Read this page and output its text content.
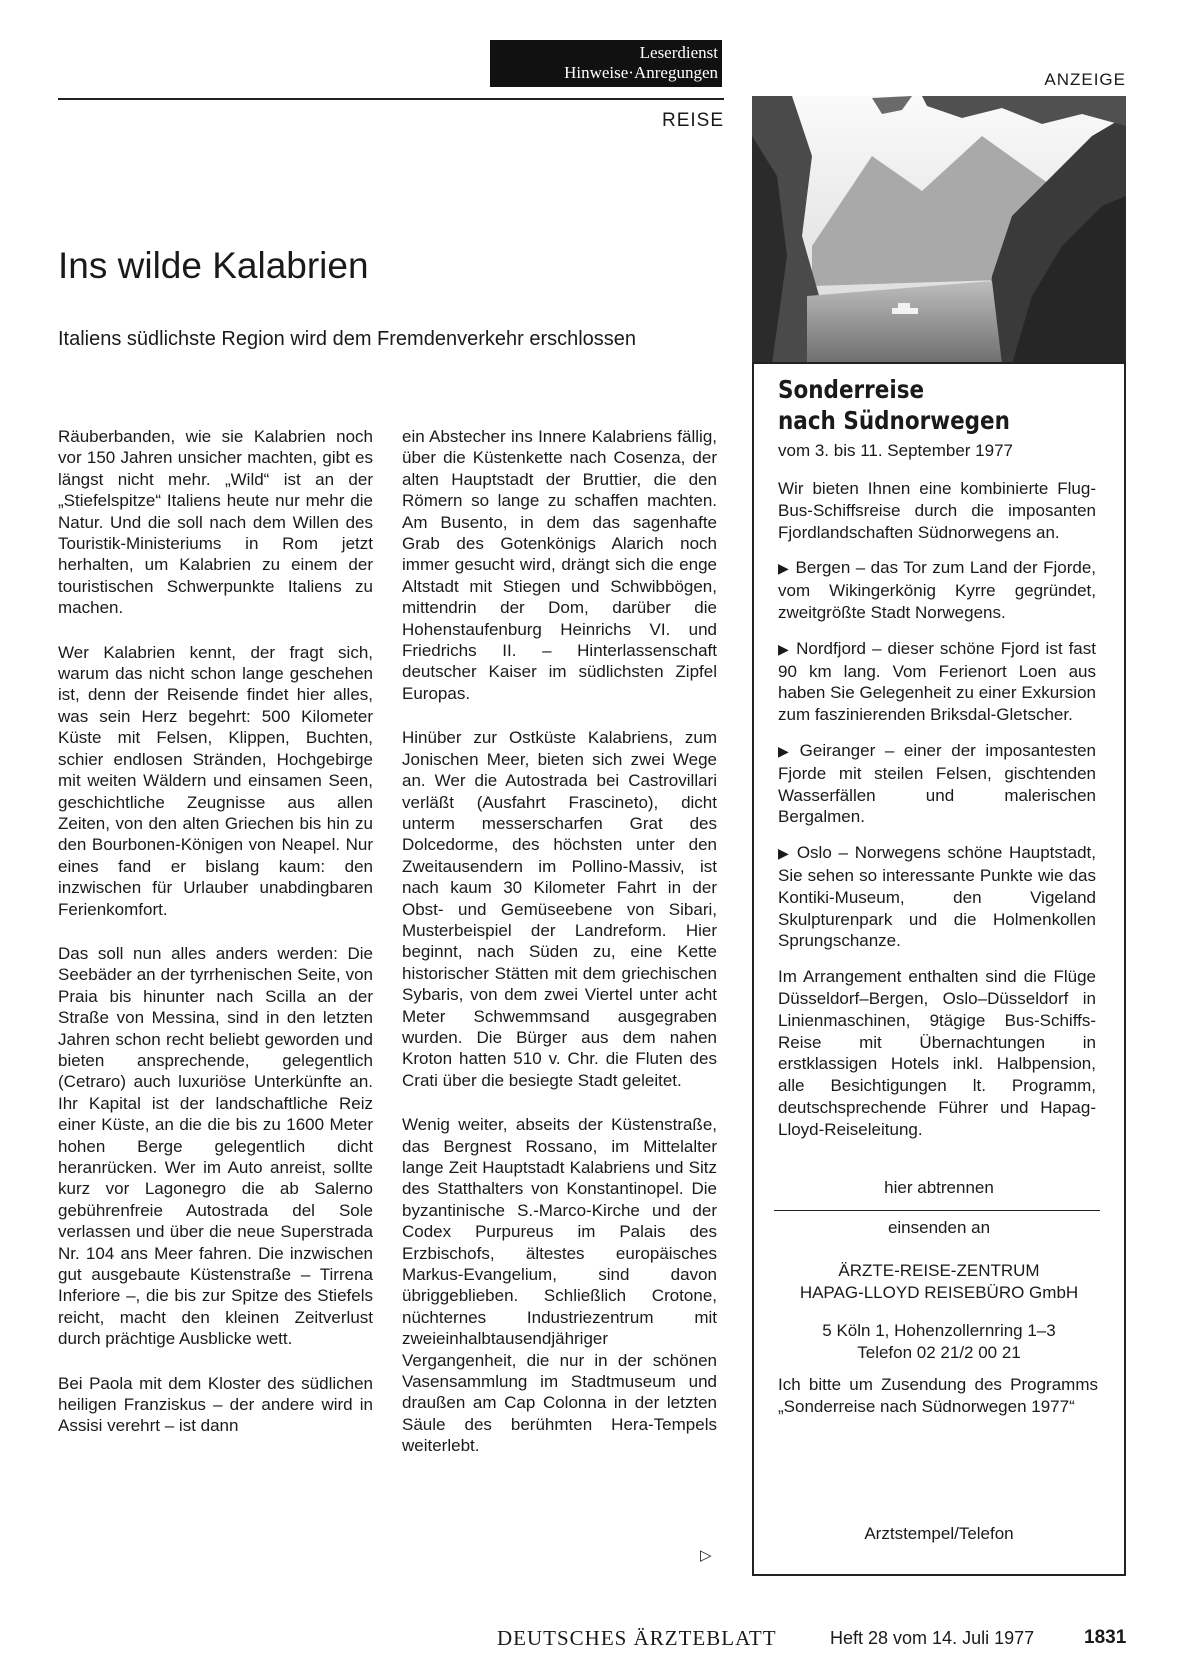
Leserdienst
Hinweise·Anregungen
REISE
ANZEIGE
Ins wilde Kalabrien
Italiens südlichste Region wird dem Fremdenverkehr erschlossen

Räuberbanden, wie sie Kalabrien noch vor 150 Jahren unsicher machten, gibt es längst nicht mehr. „Wild“ ist an der „Stiefelspitze“ Italiens heute nur mehr die Natur. Und die soll nach dem Willen des Touristik-Ministeriums in Rom jetzt herhalten, um Kalabrien zu einem der touristischen Schwerpunkte Italiens zu machen.

Wer Kalabrien kennt, der fragt sich, warum das nicht schon lange geschehen ist, denn der Reisende findet hier alles, was sein Herz begehrt: 500 Kilometer Küste mit Felsen, Klippen, Buchten, schier endlosen Stränden, Hochgebirge mit weiten Wäldern und einsamen Seen, geschichtliche Zeugnisse aus allen Zeiten, von den alten Griechen bis hin zu den Bourbonen-Königen von Neapel. Nur eines fand er bislang kaum: den inzwischen für Urlauber unabdingbaren Ferienkomfort.

Das soll nun alles anders werden: Die Seebäder an der tyrrhenischen Seite, von Praia bis hinunter nach Scilla an der Straße von Messina, sind in den letzten Jahren schon recht beliebt geworden und bieten ansprechende, gelegentlich (Cetraro) auch luxuriöse Unterkünfte an. Ihr Kapital ist der landschaftliche Reiz einer Küste, an die die bis zu 1600 Meter hohen Berge gelegentlich dicht heranrücken. Wer im Auto anreist, sollte kurz vor Lagonegro die ab Salerno gebührenfreie Autostrada del Sole verlassen und über die neue Superstrada Nr. 104 ans Meer fahren. Die inzwischen gut ausgebaute Küstenstraße – Tirrena Inferiore –, die bis zur Spitze des Stiefels reicht, macht den kleinen Zeitverlust durch prächtige Ausblicke wett.

Bei Paola mit dem Kloster des südlichen heiligen Franziskus – der andere wird in Assisi verehrt – ist dann

ein Abstecher ins Innere Kalabriens fällig, über die Küstenkette nach Cosenza, der alten Hauptstadt der Bruttier, die den Römern so lange zu schaffen machten. Am Busento, in dem das sagenhafte Grab des Gotenkönigs Alarich noch immer gesucht wird, drängt sich die enge Altstadt mit Stiegen und Schwibbögen, mittendrin der Dom, darüber die Hohenstaufenburg Heinrichs VI. und Friedrichs II. – Hinterlassenschaft deutscher Kaiser im südlichsten Zipfel Europas.

Hinüber zur Ostküste Kalabriens, zum Jonischen Meer, bieten sich zwei Wege an. Wer die Autostrada bei Castrovillari verläßt (Ausfahrt Frascineto), dicht unterm messerscharfen Grat des Dolcedorme, des höchsten unter den Zweitausendern im Pollino-Massiv, ist nach kaum 30 Kilometer Fahrt in der Obst- und Gemüseebene von Sibari, Musterbeispiel der Landreform. Hier beginnt, nach Süden zu, eine Kette historischer Stätten mit dem griechischen Sybaris, von dem zwei Viertel unter acht Meter Schwemmsand ausgegraben wurden. Die Bürger aus dem nahen Kroton hatten 510 v. Chr. die Fluten des Crati über die besiegte Stadt geleitet.

Wenig weiter, abseits der Küstenstraße, das Bergnest Rossano, im Mittelalter lange Zeit Hauptstadt Kalabriens und Sitz des Statthalters von Konstantinopel. Die byzantinische S.-Marco-Kirche und der Codex Purpureus im Palais des Erzbischofs, ältestes europäisches Markus-Evangelium, sind davon übriggeblieben. Schließlich Crotone, nüchternes Industriezentrum mit zweieinhalbtausendjähriger Vergangenheit, die nur in der schönen Vasensammlung im Stadtmuseum und draußen am Cap Colonna in der letzten Säule des berühmten Hera-Tempels weiterlebt.

▷
Sonderreise
nach Südnorwegen
vom 3. bis 11. September 1977

Wir bieten Ihnen eine kombinierte Flug-Bus-Schiffsreise durch die imposanten Fjordlandschaften Südnorwegens an.

▶ Bergen – das Tor zum Land der Fjorde, vom Wikingerkönig Kyrre gegründet, zweitgrößte Stadt Norwegens.

▶ Nordfjord – dieser schöne Fjord ist fast 90 km lang. Vom Ferienort Loen aus haben Sie Gelegenheit zu einer Exkursion zum faszinierenden Briksdal-Gletscher.

▶ Geiranger – einer der imposantesten Fjorde mit steilen Felsen, gischtenden Wasserfällen und malerischen Bergalmen.

▶ Oslo – Norwegens schöne Hauptstadt, Sie sehen so interessante Punkte wie das Kontiki-Museum, den Vigeland Skulpturenpark und die Holmenkollen Sprungschanze.

Im Arrangement enthalten sind die Flüge Düsseldorf–Bergen, Oslo–Düsseldorf in Linienmaschinen, 9tägige Bus-Schiffs-Reise mit Übernachtungen in erstklassigen Hotels inkl. Halbpension, alle Besichtigungen lt. Programm, deutschsprechende Führer und Hapag-Lloyd-Reiseleitung.

hier abtrennen
einsenden an
ÄRZTE-REISE-ZENTRUM
HAPAG-LLOYD REISEBÜRO GmbH
5 Köln 1, Hohenzollernring 1–3
Telefon 02 21/2 00 21
Ich bitte um Zusendung des Programms „Sonderreise nach Südnorwegen 1977“
Arztstempel/Telefon
DEUTSCHES ÄRZTEBLATT	Heft 28 vom 14. Juli 1977	1831
